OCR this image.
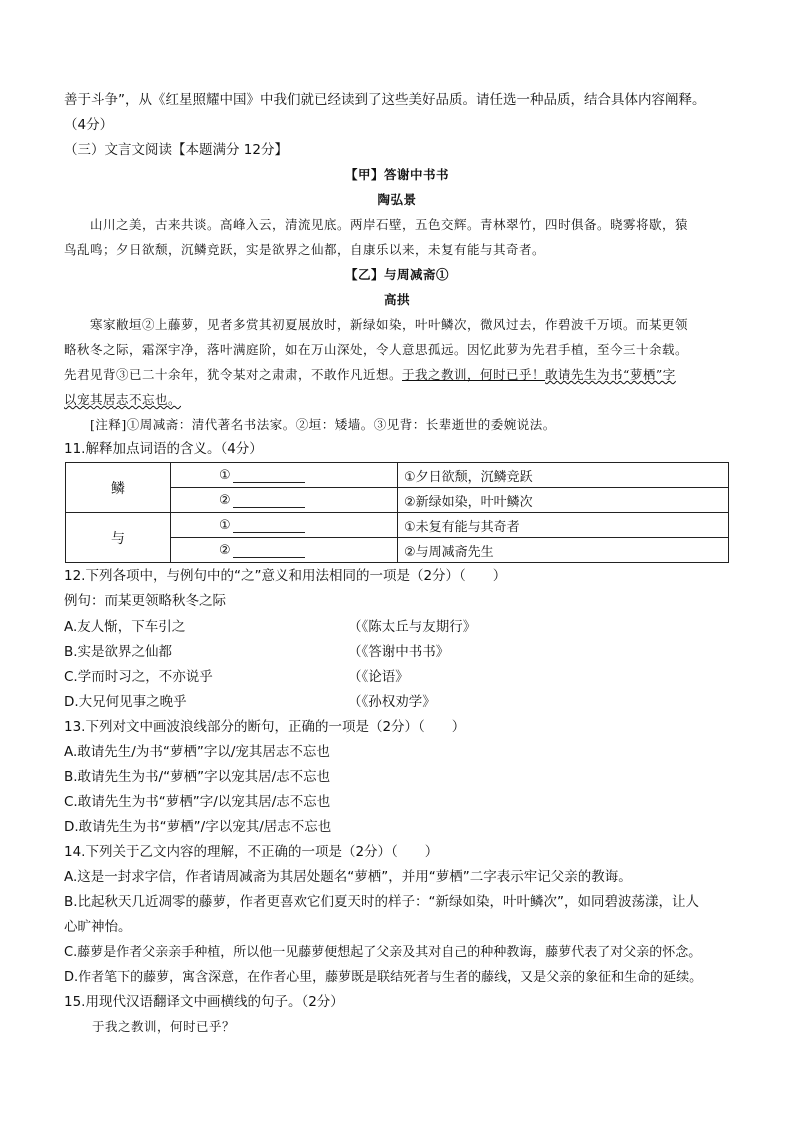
善于斗争”，从《红星照耀中国》中我们就已经读到了这些美好品质。请任选一种品质，结合具体内容阐释。
（4分）
（三）文言文阅读【本题满分 12分】
【甲】答谢中书书
陶弘景
山川之美，古来共谈。高峰入云，清流见底。两岸石壁，五色交辉。青林翠竹，四时俱备。晓雾将歇，猿
鸟乱鸣；夕日欲颓，沉鳞竞跃，实是欲界之仙都，自康乐以来，未复有能与其奇者。
【乙】与周减斋①
高拱
寒家敝垣②上藤萝，见者多赏其初夏展放时，新绿如染，叶叶鳞次，微风过去，作碧波千万顷。而某更领
略秋冬之际，霜深宇净，落叶满庭阶，如在万山深处，令人意思孤远。因忆此萝为先君手植，至今三十余载。
先君见背③已二十余年，犹令某对之肃肃，不敢作凡近想。于我之教训，何时已乎！敢请先生为书“萝栖”字
以宠其居志不忘也。
[注释]①周减斋：清代著名书法家。②垣：矮墙。③见背：长辈逝世的委婉说法。
11.解释加点词语的含义。（4分）
鳞	①	①夕日欲颓，沉鳞竞跃
	②	②新绿如染，叶叶鳞次
与	①	①未复有能与其奇者
	②	②与周减斋先生
12.下列各项中，与例句中的“之”意义和用法相同的一项是（2分）（　　）
例句：而某更领略秋冬之际
A.友人惭，下车引之	（《陈太丘与友期行》
B.实是欲界之仙都	（《答谢中书书》
C.学而时习之，不亦说乎	（《论语》
D.大兄何见事之晚乎	（《孙权劝学》
13.下列对文中画波浪线部分的断句，正确的一项是（2分）（　　）
A.敢请先生/为书“萝栖”字以/宠其居志不忘也
B.敢请先生为书/“萝栖”字以宠其居/志不忘也
C.敢请先生为书“萝栖”字/以宠其居/志不忘也
D.敢请先生为书“萝栖”/字以宠其/居志不忘也
14.下列关于乙文内容的理解，不正确的一项是（2分）（　　）
A.这是一封求字信，作者请周减斋为其居处题名“萝栖”，并用“萝栖”二字表示牢记父亲的教诲。
B.比起秋天几近凋零的藤萝，作者更喜欢它们夏天时的样子：“新绿如染，叶叶鳞次”，如同碧波荡漾，让人
心旷神怡。
C.藤萝是作者父亲亲手种植，所以他一见藤萝便想起了父亲及其对自己的种种教诲，藤萝代表了对父亲的怀念。
D.作者笔下的藤萝，寓含深意，在作者心里，藤萝既是联结死者与生者的藤线，又是父亲的象征和生命的延续。
15.用现代汉语翻译文中画横线的句子。（2分）
于我之教训，何时已乎？
